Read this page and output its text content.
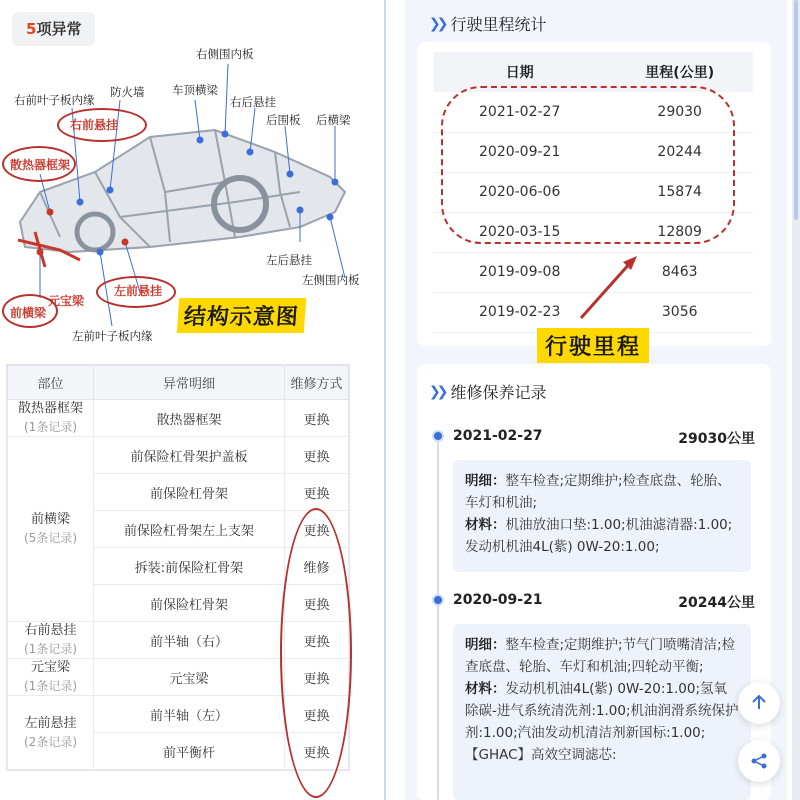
5项异常
右侧围内板
右前叶子板内缘
防火墙 车顶横梁
右后悬挂
后围板 后横梁
右前悬挂
散热器框架
左后悬挂
左侧围内板
元宝梁
左前悬挂
前横梁
左前叶子板内缘
结构示意图
部位	异常明细	维修方式

散热器框架
(1条记录)	散热器框架	更换

前横梁
(5条记录)	前保险杠骨架护盖板	更换
	前保险杠骨架	更换
	前保险杠骨架左上支架	更换
	拆装:前保险杠骨架	维修
	前保险杠骨架	更换

右前悬挂
(1条记录)	前半轴（右）	更换

元宝梁
(1条记录)	元宝梁	更换

左前悬挂
(2条记录)	前半轴（左）	更换
	前平衡杆	更换
❯❯ 行驶里程统计
日期	里程(公里)
2021-02-27	29030
2020-09-21	20244
2020-06-06	15874
2020-03-15	12809
2019-09-08	8463
2019-02-23	3056
行驶里程
❯❯ 维修保养记录
2021-02-27	29030公里
明细：整车检查;定期维护;检查底盘、轮胎、车灯和机油;
材料：机油放油口垫:1.00;机油滤清器:1.00;发动机机油4L(紫) 0W-20:1.00;
2020-09-21	20244公里
明细：整车检查;定期维护;节气门喷嘴清洁;检查底盘、轮胎、车灯和机油;四轮动平衡;
材料：发动机机油4L(紫) 0W-20:1.00;氢氧除碳-进气系统清洗剂:1.00;机油润滑系统保护剂:1.00;汽油发动机清洁剂新国标:1.00;【GHAC】高效空调滤芯:
